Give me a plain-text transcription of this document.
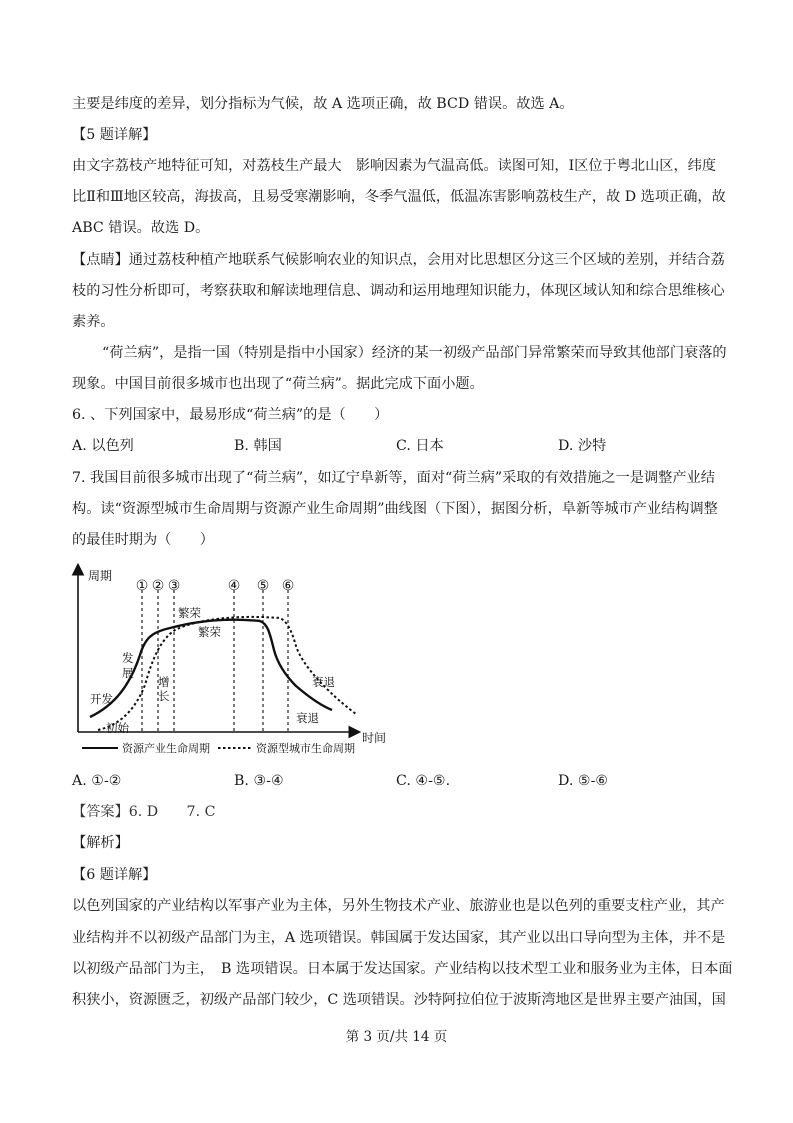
主要是纬度的差异，划分指标为气候，故 A 选项正确，故 BCD 错误。故选 A。
【5 题详解】
由文字荔枝产地特征可知，对荔枝生产最大　影响因素为气温高低。读图可知，Ⅰ区位于粤北山区，纬度
比Ⅱ和Ⅲ地区较高，海拔高，且易受寒潮影响，冬季气温低，低温冻害影响荔枝生产，故 D 选项正确，故
ABC 错误。故选 D。
【点睛】通过荔枝种植产地联系气候影响农业的知识点，会用对比思想区分这三个区域的差别，并结合荔
枝的习性分析即可，考察获取和解读地理信息、调动和运用地理知识能力，体现区域认知和综合思维核心
素养。
“荷兰病”，是指一国（特别是指中小国家）经济的某一初级产品部门异常繁荣而导致其他部门衰落的
现象。中国目前很多城市也出现了“荷兰病”。据此完成下面小题。
6. 、下列国家中，最易形成“荷兰病”的是（　　）
A. 以色列	B. 韩国	C. 日本	D. 沙特
7. 我国目前很多城市出现了“荷兰病”，如辽宁阜新等，面对“荷兰病”采取的有效措施之一是调整产业结
构。读“资源型城市生命周期与资源产业生命周期”曲线图（下图），据图分析，阜新等城市产业结构调整
的最佳时期为（　　）
周期
时间
① ② ③	④ ⑤ ⑥
开发
发
展
繁荣
衰退
初始
增
长
繁荣
衰退
资源产业生命周期	资源型城市生命周期
A. ①-②	B. ③-④	C. ④-⑤.	D. ⑤-⑥
【答案】6. D　　7. C
【解析】
【6 题详解】
以色列国家的产业结构以军事产业为主体，另外生物技术产业、旅游业也是以色列的重要支柱产业，其产
业结构并不以初级产品部门为主，A 选项错误。韩国属于发达国家，其产业以出口导向型为主体，并不是
以初级产品部门为主，　B 选项错误。日本属于发达国家。产业结构以技术型工业和服务业为主体，日本面
积狭小，资源匮乏，初级产品部门较少，C 选项错误。沙特阿拉伯位于波斯湾地区是世界主要产油国，国
第 3 页/共 14 页
